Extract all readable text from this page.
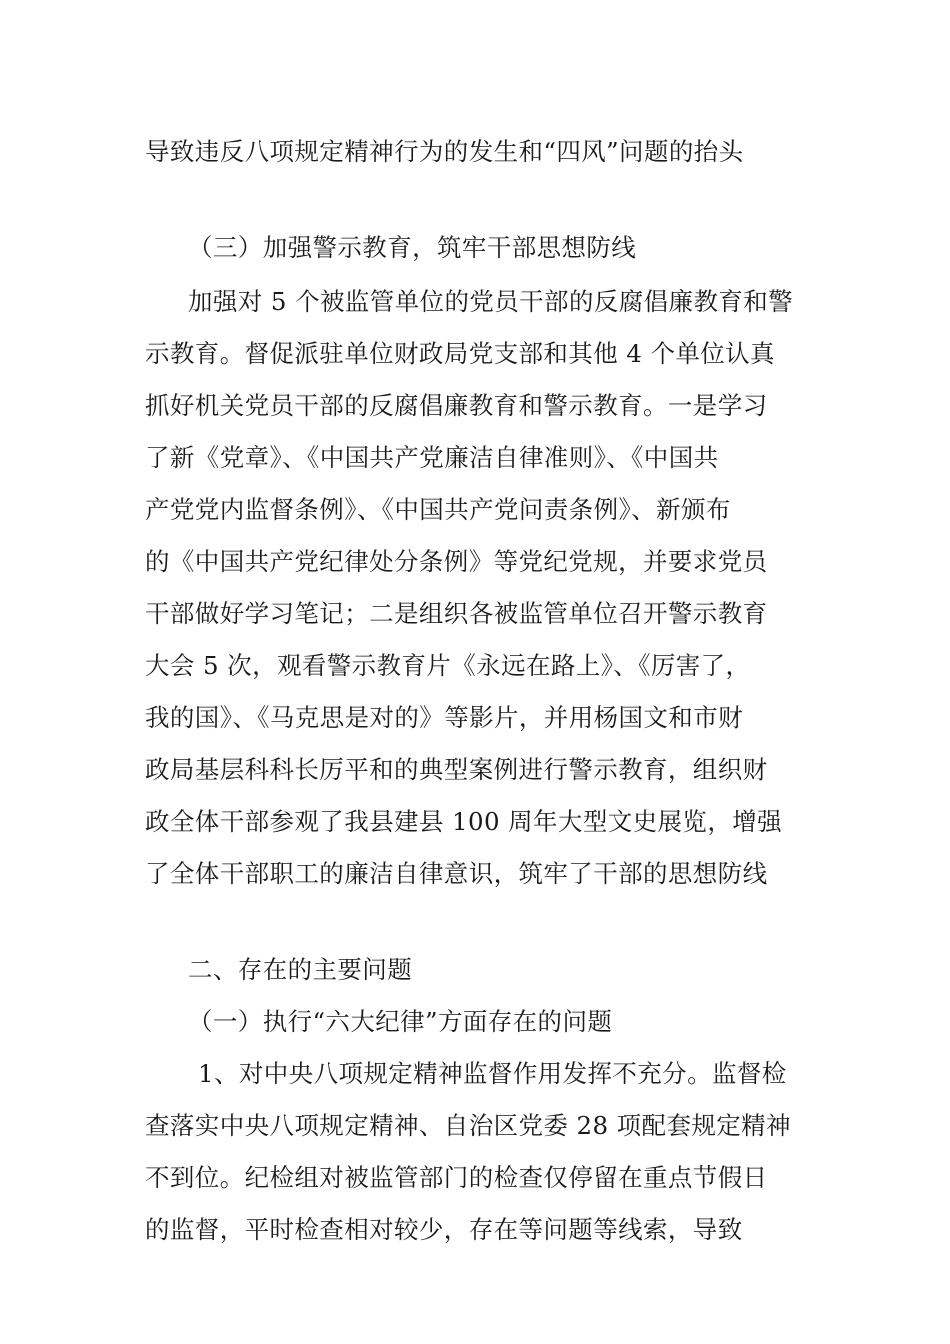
导致违反八项规定精神行为的发生和“四风”问题的抬头
（三）加强警示教育，筑牢干部思想防线
加强对 5 个被监管单位的党员干部的反腐倡廉教育和警
示教育。督促派驻单位财政局党支部和其他 4 个单位认真
抓好机关党员干部的反腐倡廉教育和警示教育。一是学习
了新《党章》、《中国共产党廉洁自律准则》、《中国共
产党党内监督条例》、《中国共产党问责条例》、新颁布
的《中国共产党纪律处分条例》等党纪党规，并要求党员
干部做好学习笔记；二是组织各被监管单位召开警示教育
大会 5 次，观看警示教育片《永远在路上》、《厉害了，
我的国》、《马克思是对的》等影片，并用杨国文和市财
政局基层科科长厉平和的典型案例进行警示教育，组织财
政全体干部参观了我县建县 100 周年大型文史展览，增强
了全体干部职工的廉洁自律意识，筑牢了干部的思想防线
二、存在的主要问题
（一）执行“六大纪律”方面存在的问题
1、对中央八项规定精神监督作用发挥不充分。监督检
查落实中央八项规定精神、自治区党委 28 项配套规定精神
不到位。纪检组对被监管部门的检查仅停留在重点节假日
的监督，平时检查相对较少，存在等问题等线索，导致
